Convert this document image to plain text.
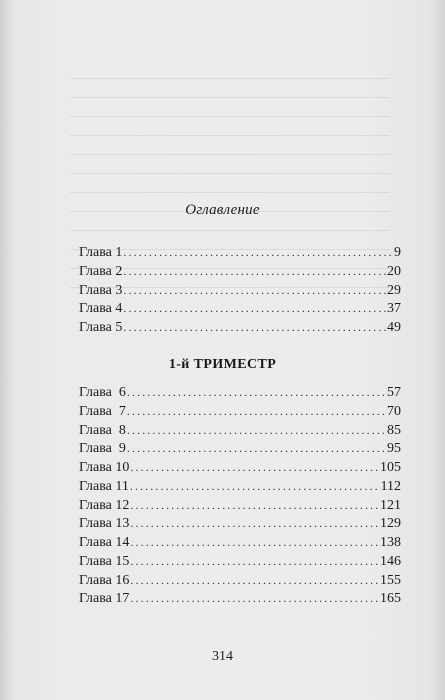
Оглавление
Глава 1 .....	9
Глава 2 .....	20
Глава 3 .....	29
Глава 4 .....	37
Глава 5 .....	49
1-й ТРИМЕСТР
Глава  6 .....	57
Глава  7 .....	70
Глава  8 .....	85
Глава  9 .....	95
Глава 10 .....	105
Глава 11 .....	112
Глава 12 .....	121
Глава 13 .....	129
Глава 14 .....	138
Глава 15 .....	146
Глава 16 .....	155
Глава 17 .....	165
314
